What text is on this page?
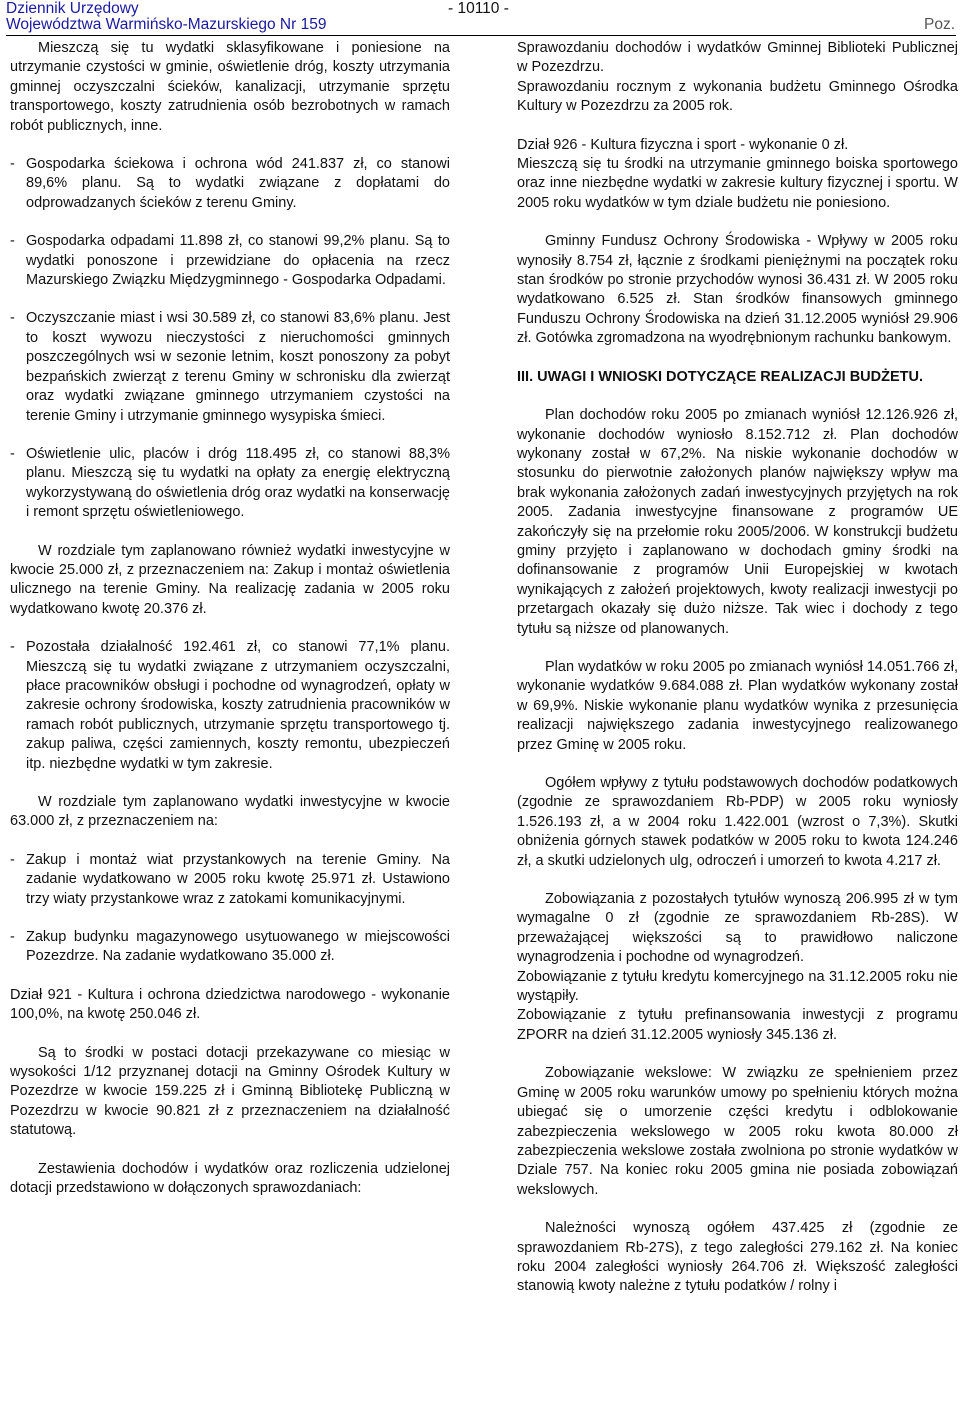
Dziennik Urzędowy
Województwa Warmińsko-Mazurskiego Nr 159
- 10110 -
Poz.

Mieszczą się tu wydatki sklasyfikowane i poniesione na utrzymanie czystości w gminie, oświetlenie dróg, koszty utrzymania gminnej oczyszczalni ścieków, kanalizacji, utrzymanie sprzętu transportowego, koszty zatrudnienia osób bezrobotnych w ramach robót publicznych, inne.

- Gospodarka ściekowa i ochrona wód 241.837 zł, co stanowi 89,6% planu. Są to wydatki związane z dopłatami do odprowadzanych ścieków z terenu Gminy.
- Gospodarka odpadami 11.898 zł, co stanowi 99,2% planu. Są to wydatki ponoszone i przewidziane do opłacenia na rzecz Mazurskiego Związku Międzygminnego - Gospodarka Odpadami.
- Oczyszczanie miast i wsi 30.589 zł, co stanowi 83,6% planu. Jest to koszt wywozu nieczystości z nieruchomości gminnych poszczególnych wsi w sezonie letnim, koszt ponoszony za pobyt bezpańskich zwierząt z terenu Gminy w schronisku dla zwierząt oraz wydatki związane gminnego utrzymaniem czystości na terenie Gminy i utrzymanie gminnego wysypiska śmieci.
- Oświetlenie ulic, placów i dróg 118.495 zł, co stanowi 88,3% planu. Mieszczą się tu wydatki na opłaty za energię elektryczną wykorzystywaną do oświetlenia dróg oraz wydatki na konserwację i remont sprzętu oświetleniowego.

W rozdziale tym zaplanowano również wydatki inwestycyjne w kwocie 25.000 zł, z przeznaczeniem na: Zakup i montaż oświetlenia ulicznego na terenie Gminy. Na realizację zadania w 2005 roku wydatkowano kwotę 20.376 zł.

- Pozostała działalność 192.461 zł, co stanowi 77,1% planu. Mieszczą się tu wydatki związane z utrzymaniem oczyszczalni, płace pracowników obsługi i pochodne od wynagrodzeń, opłaty w zakresie ochrony środowiska, koszty zatrudnienia pracowników w ramach robót publicznych, utrzymanie sprzętu transportowego tj. zakup paliwa, części zamiennych, koszty remontu, ubezpieczeń itp. niezbędne wydatki w tym zakresie.

W rozdziale tym zaplanowano wydatki inwestycyjne w kwocie 63.000 zł, z przeznaczeniem na:

- Zakup i montaż wiat przystankowych na terenie Gminy. Na zadanie wydatkowano w 2005 roku kwotę 25.971 zł. Ustawiono trzy wiaty przystankowe wraz z zatokami komunikacyjnymi.
- Zakup budynku magazynowego usytuowanego w miejscowości Pozezdrze. Na zadanie wydatkowano 35.000 zł.

Dział 921 - Kultura i ochrona dziedzictwa narodowego - wykonanie 100,0%, na kwotę 250.046 zł.

Są to środki w postaci dotacji przekazywane co miesiąc w wysokości 1/12 przyznanej dotacji na Gminny Ośrodek Kultury w Pozezdrze w kwocie 159.225 zł i Gminną Bibliotekę Publiczną w Pozezdrzu w kwocie 90.821 zł z przeznaczeniem na działalność statutową.

Zestawienia dochodów i wydatków oraz rozliczenia udzielonej dotacji przedstawiono w dołączonych sprawozdaniach:

Sprawozdaniu dochodów i wydatków Gminnej Biblioteki Publicznej w Pozezdrzu.

Sprawozdaniu rocznym z wykonania budżetu Gminnego Ośrodka Kultury w Pozezdrzu za 2005 rok.

Dział 926 - Kultura fizyczna i sport - wykonanie 0 zł.

Mieszczą się tu środki na utrzymanie gminnego boiska sportowego oraz inne niezbędne wydatki w zakresie kultury fizycznej i sportu. W 2005 roku wydatków w tym dziale budżetu nie poniesiono.

Gminny Fundusz Ochrony Środowiska - Wpływy w 2005 roku wynosiły 8.754 zł, łącznie z środkami pieniężnymi na początek roku stan środków po stronie przychodów wynosi 36.431 zł. W 2005 roku wydatkowano 6.525 zł. Stan środków finansowych gminnego Funduszu Ochrony Środowiska na dzień 31.12.2005 wyniósł 29.906 zł. Gotówka zgromadzona na wyodrębnionym rachunku bankowym.

III. UWAGI I WNIOSKI DOTYCZĄCE REALIZACJI BUDŻETU.

Plan dochodów roku 2005 po zmianach wyniósł 12.126.926 zł, wykonanie dochodów wyniosło 8.152.712 zł. Plan dochodów wykonany został w 67,2%. Na niskie wykonanie dochodów w stosunku do pierwotnie założonych planów największy wpływ ma brak wykonania założonych zadań inwestycyjnych przyjętych na rok 2005. Zadania inwestycyjne finansowane z programów UE zakończyły się na przełomie roku 2005/2006. W konstrukcji budżetu gminy przyjęto i zaplanowano w dochodach gminy środki na dofinansowanie z programów Unii Europejskiej w kwotach wynikających z założeń projektowych, kwoty realizacji inwestycji po przetargach okazały się dużo niższe. Tak wiec i dochody z tego tytułu są niższe od planowanych.

Plan wydatków w roku 2005 po zmianach wyniósł 14.051.766 zł, wykonanie wydatków 9.684.088 zł. Plan wydatków wykonany został w 69,9%. Niskie wykonanie planu wydatków wynika z przesunięcia realizacji największego zadania inwestycyjnego realizowanego przez Gminę w 2005 roku.

Ogółem wpływy z tytułu podstawowych dochodów podatkowych (zgodnie ze sprawozdaniem Rb-PDP) w 2005 roku wyniosły 1.526.193 zł, a w 2004 roku 1.422.001 (wzrost o 7,3%). Skutki obniżenia górnych stawek podatków w 2005 roku to kwota 124.246 zł, a skutki udzielonych ulg, odroczeń i umorzeń to kwota 4.217 zł.

Zobowiązania z pozostałych tytułów wynoszą 206.995 zł w tym wymagalne 0 zł (zgodnie ze sprawozdaniem Rb-28S). W przeważającej większości są to prawidłowo naliczone wynagrodzenia i pochodne od wynagrodzeń.

Zobowiązanie z tytułu kredytu komercyjnego na 31.12.2005 roku nie wystąpiły.

Zobowiązanie z tytułu prefinansowania inwestycji z programu ZPORR na dzień 31.12.2005 wyniosły 345.136 zł.

Zobowiązanie wekslowe: W związku ze spełnieniem przez Gminę w 2005 roku warunków umowy po spełnieniu których można ubiegać się o umorzenie części kredytu i odblokowanie zabezpieczenia wekslowego w 2005 roku kwota 80.000 zł zabezpieczenia wekslowe została zwolniona po stronie wydatków w Dziale 757. Na koniec roku 2005 gmina nie posiada zobowiązań wekslowych.

Należności wynoszą ogółem 437.425 zł (zgodnie ze sprawozdaniem Rb-27S), z tego zaległości 279.162 zł. Na koniec roku 2004 zaległości wyniosły 264.706 zł. Większość zaległości stanowią kwoty należne z tytułu podatków / rolny i
